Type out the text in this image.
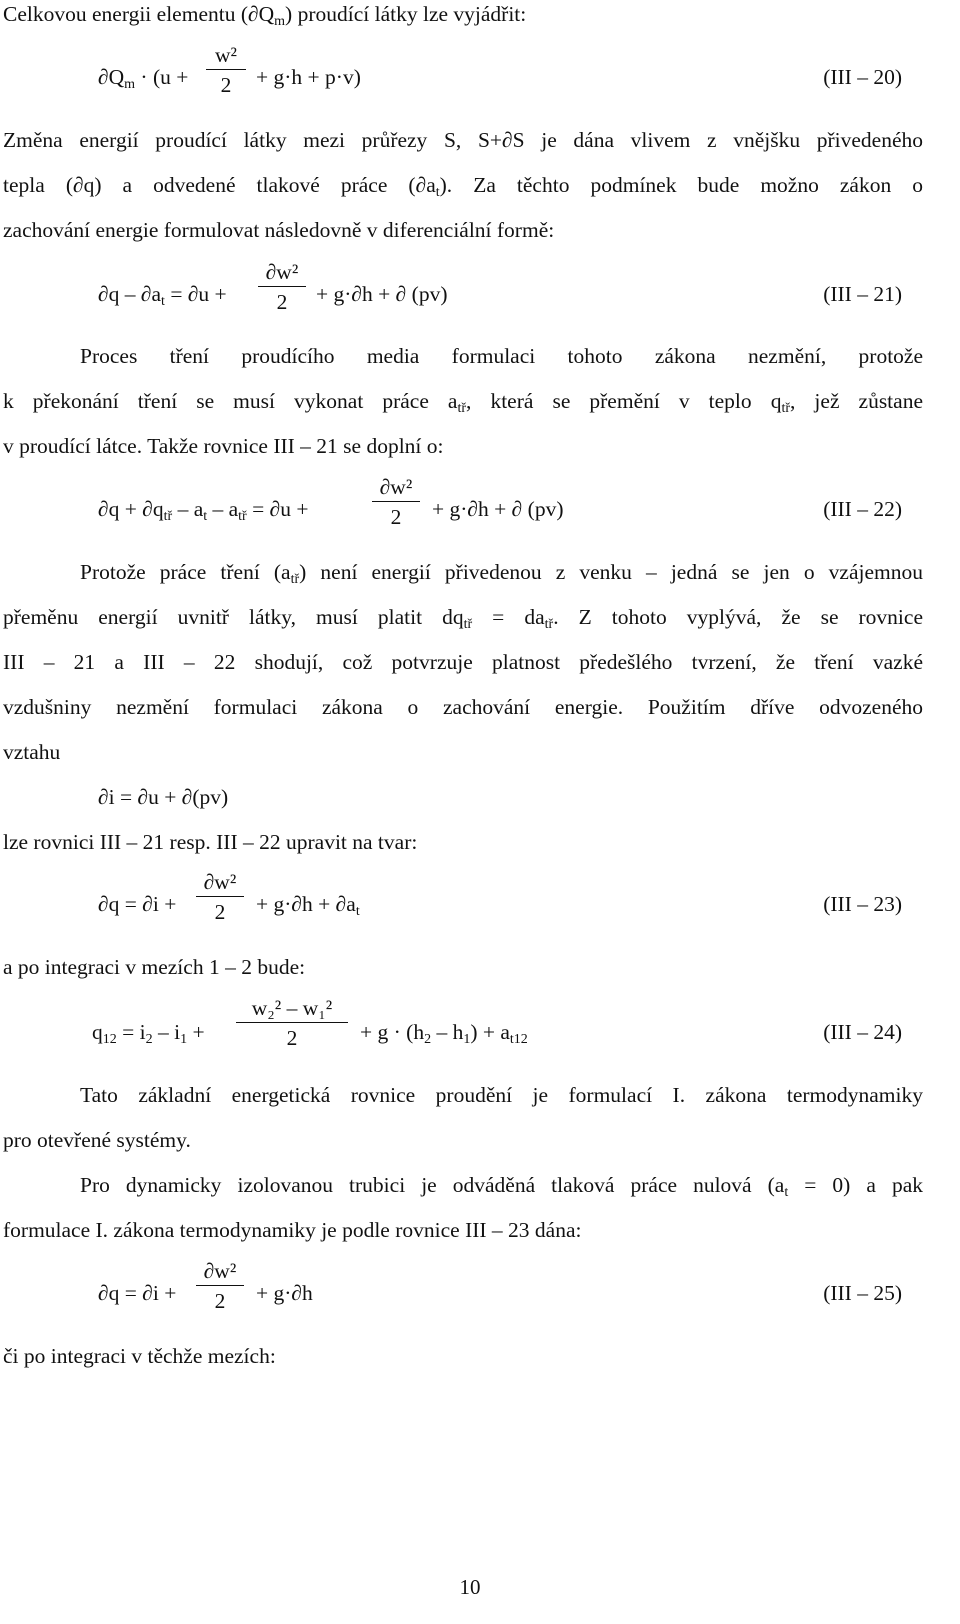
Celkovou energii elementu $(\partial Q_m)$ proudící látky lze vyjádřit:
$\partial Q_m \cdot (u + \frac{\text{w²}}{2} + g\cdot h + p\cdot v)$	(III – 20)
Změna energií proudící látky mezi průřezy S, S+∂S je dána vlivem z vnějšku přivedeného
tepla (∂q) a odvedené tlakové práce $(\partial a_t)$. Za těchto podmínek bude možno zákon o
zachování energie formulovat následovně v diferenciální formě:
$\partial q - \partial a_t = \partial u + \frac{\text{∂w²}}{2} + g\cdot\partial h$ + ∂ (pv)	(III – 21)
Proces tření proudícího media formulaci tohoto zákona nezmění, protože
k překonání tření se musí vykonat práce $a_{tř}$, která se přemění v teplo $q_{tř}$, jež zůstane
v proudící látce. Takže rovnice III – 21 se doplní o:
$\partial q + \partial q_{tř} - a_t - a_{tř} = \partial u$ +	$\frac{\text{∂w²}}{2} + g\cdot\partial h$ + ∂ (pv)	(III – 22)
Protože práce tření $(a_{tř})$ není energií přivedenou z venku – jedná se jen o vzájemnou
přeměnu energií uvnitř látky, musí platit $dq_{tř} = da_{tř}$. Z tohoto vyplývá, že se rovnice
III – 21 a III – 22 shodují, což potvrzuje platnost předešlého tvrzení, že tření vazké
vzdušniny nezmění formulaci zákona o zachování energie. Použitím dříve odvozeného
vztahu
∂i = ∂u + ∂(pv)
lze rovnici III – 21 resp. III – 22 upravit na tvar:
$\partial q = \partial i + \frac{\text{∂w²}}{2} + g\cdot\partial h + \partial a_t$	(III – 23)
a po integraci v mezích 1 – 2 bude:
$q_{12} = i_2 - i_1 + \frac{\text{w₂² – w₁²}}{2} + g \cdot (h_2 - h_1) + a_{t12}$	(III – 24)
Tato základní energetická rovnice proudění je formulací I. zákona termodynamiky
pro otevřené systémy.
Pro dynamicky izolovanou trubici je odváděná tlaková práce nulová $(a_t = 0)$ a pak
formulace I. zákona termodynamiky je podle rovnice III – 23 dána:
$\partial q = \partial i + \frac{\text{∂w²}}{2} + g\cdot\partial h$	(III – 25)
či po integraci v těchže mezích:
10
